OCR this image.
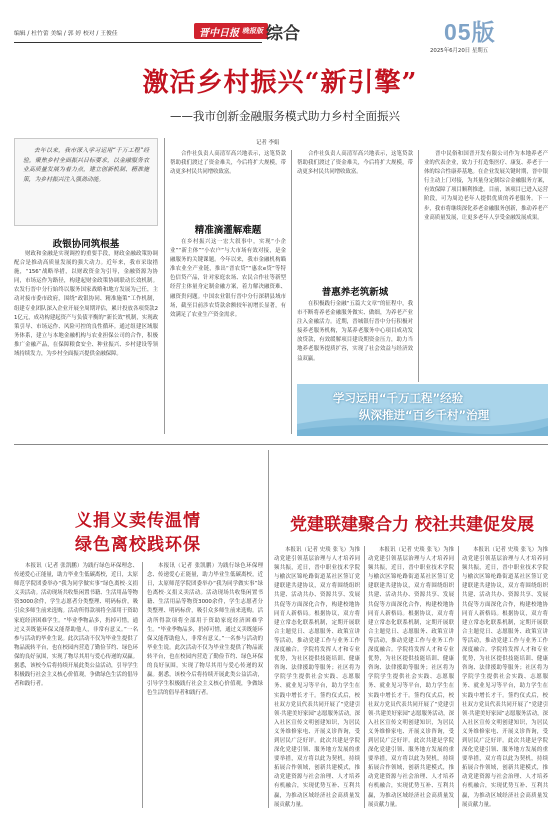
编辑 / 杜竹蕾 美编 / 郭 婷 校对 / 王俊佳	晋中日报 晚报版 综合	05版
2025年6月20日 星期五
激活乡村振兴“新引擎”
——我市创新金融服务模式助力乡村全面振兴
记者 李娟
去年以来，我市深入学习运用“千万工程”经验，聚焦乡村全面振兴目标要求，以金融服务农业高质量发展为着力点，建立创新机制、精准施策，为乡村振兴注入强劲动能。
政银协同筑根基
财政和金融是实现调控的重要手段，财政金融政策协调配合是推动高质量发展的强大动力。近年来，我市采取措施，“156”战略举措，以财政资金为引导，金融资源为协同，市场运作为路径，构建起财金政策协调联动长效机制。农发行晋中分行始终以服务国家战略和地方发展为己任，主动对接市委市政府，围绕“政银协同、精准施策”工作机制，组建专业团队深入企业开展全周期评估，累计投放各项贷款21亿元，成功构建起资产与负债平衡的“新长效”机制，实现政策引导、市场运作、风险可控的良性循环。通过组建区域服务体系，建立与本地金融机构与农业担保公司的合作，积极推广金融产品，在保障粮食安全、种业振兴、乡村建设等领域持续发力，为乡村全面振兴提供金融保障。
合作社负责人高清军高兴地表示，这笔贷款帮助我们渡过了资金难关，今后将扩大规模，带动更多村民共同增收致富。
精准滴灌解难题
在乡村振兴这一宏大叙事中，实现“小企业”“新主体”“小农户”与大市场有效对接，是金融服务的关键课题。今年以来，我市金融机构瞄准农业全产业链，推出“晋农贷”“惠农e贷”等特色信贷产品，针对家庭农场、农民合作社等新型经营主体量身定制金融方案，着力解决融资难、融资贵问题。中国农业银行晋中分行深耕县域市场，截至目前涉农贷款余额较年初增长显著，有效满足了农业生产资金需求。
合作社负责人高清军高兴地表示，这笔贷款帮助我们渡过了资金难关，今后将扩大规模，带动更多村民共同增收致富。
普惠养老筑新城
在积极践行金融“五篇大文章”的征程中，我市不断将养老金融服务做实、做细，为养老产业注入金融活力。近期，晋城银行晋中分行积极对接养老服务机构，为某养老服务中心项目成功发放贷款，有效缓解项目建设期资金压力，助力当地养老服务提质扩容，实现了社会效益与经济效益双赢。
晋中民俗和国晋开发有限公司作为本地养老产业的代表企业，致力于打造集医疗、康复、养老于一体的综合性康养基地。在企业发展关键时期，晋中银行主动上门对接，为其量身定制综合金融服务方案，有效保障了项目顺利推进。目前，该项目已进入运营阶段，可为周边老年人提供优质的养老服务。下一步，我市将继续深化养老金融服务创新，推动养老产业高质量发展，让更多老年人享受金融发展成果。
学习运用“千万工程”经验
纵深推进“百乡千村”治理
义捐义卖传温情
绿色离校践环保
本报讯（记者 张凯鹏）为践行绿色环保理念、传递爱心正能量，助力毕业生低碳离校，近日，太原师范学院团委举办“我为同学做实事”绿色离校·义捐义卖活动。活动现场共收集闲置书籍、生活用品等物资3000余件，学生志愿者分类整理、明码标价，吸引众多师生前来选购。活动所得款项将全部用于资助家庭经济困难学生。“毕业季物品多，扔掉可惜，通过义卖既能环保又能帮助他人，非常有意义。”一名参与活动的毕业生说。此次活动不仅为毕业生提供了物品流转平台，也在校园内营造了勤俭节约、绿色环保的良好氛围，实现了物尽其用与爱心传递的双赢。据悉，该校今后将持续开展此类公益活动，引导学生积极践行社会主义核心价值观，争做绿色生活的倡导者和践行者。
本报讯（记者 张凯鹏）为践行绿色环保理念、传递爱心正能量，助力毕业生低碳离校，近日，太原师范学院团委举办“我为同学做实事”绿色离校·义捐义卖活动。活动现场共收集闲置书籍、生活用品等物资3000余件，学生志愿者分类整理、明码标价，吸引众多师生前来选购。活动所得款项将全部用于资助家庭经济困难学生。“毕业季物品多，扔掉可惜，通过义卖既能环保又能帮助他人，非常有意义。”一名参与活动的毕业生说。此次活动不仅为毕业生提供了物品流转平台，也在校园内营造了勤俭节约、绿色环保的良好氛围，实现了物尽其用与爱心传递的双赢。据悉，该校今后将持续开展此类公益活动，引导学生积极践行社会主义核心价值观，争做绿色生活的倡导者和践行者。
党建联建聚合力 校社共建促发展
本报讯（记者 史琰 张飞）为推动党建引领基层治理与人才培养同频共振，近日，晋中职业技术学院与榆次区锦纶路街道某社区签订党建联建共建协议，双方将围绕组织共建、活动共办、资源共享、发展共促等方面深化合作，构建校地协同育人新格局。根据协议，双方将建立常态化联系机制，定期开展联合主题党日、志愿服务、政策宣讲等活动，推动党建工作与业务工作深度融合。学院将发挥人才和专业优势，为社区提供技能培训、健康咨询、法律援助等服务；社区将为学院学生提供社会实践、志愿服务、就业见习等平台，助力学生在实践中增长才干。签约仪式后，校社双方党员代表共同开展了“党建引领·共建美好家园”志愿服务活动，深入社区宣传文明创建知识，为居民义务维修家电、开展义诊咨询，受到居民广泛好评。此次共建是学院深化党建引领、服务地方发展的重要举措，双方将以此为契机，持续拓展合作领域，创新共建模式，推动党建资源与社会治理、人才培养有机融合，实现优势互补、互利共赢，为推动区域经济社会高质量发展贡献力量。
本报讯（记者 史琰 张飞）为推动党建引领基层治理与人才培养同频共振，近日，晋中职业技术学院与榆次区锦纶路街道某社区签订党建联建共建协议，双方将围绕组织共建、活动共办、资源共享、发展共促等方面深化合作，构建校地协同育人新格局。根据协议，双方将建立常态化联系机制，定期开展联合主题党日、志愿服务、政策宣讲等活动，推动党建工作与业务工作深度融合。学院将发挥人才和专业优势，为社区提供技能培训、健康咨询、法律援助等服务；社区将为学院学生提供社会实践、志愿服务、就业见习等平台，助力学生在实践中增长才干。签约仪式后，校社双方党员代表共同开展了“党建引领·共建美好家园”志愿服务活动，深入社区宣传文明创建知识，为居民义务维修家电、开展义诊咨询，受到居民广泛好评。此次共建是学院深化党建引领、服务地方发展的重要举措，双方将以此为契机，持续拓展合作领域，创新共建模式，推动党建资源与社会治理、人才培养有机融合，实现优势互补、互利共赢，为推动区域经济社会高质量发展贡献力量。
本报讯（记者 史琰 张飞）为推动党建引领基层治理与人才培养同频共振，近日，晋中职业技术学院与榆次区锦纶路街道某社区签订党建联建共建协议，双方将围绕组织共建、活动共办、资源共享、发展共促等方面深化合作，构建校地协同育人新格局。根据协议，双方将建立常态化联系机制，定期开展联合主题党日、志愿服务、政策宣讲等活动，推动党建工作与业务工作深度融合。学院将发挥人才和专业优势，为社区提供技能培训、健康咨询、法律援助等服务；社区将为学院学生提供社会实践、志愿服务、就业见习等平台，助力学生在实践中增长才干。签约仪式后，校社双方党员代表共同开展了“党建引领·共建美好家园”志愿服务活动，深入社区宣传文明创建知识，为居民义务维修家电、开展义诊咨询，受到居民广泛好评。此次共建是学院深化党建引领、服务地方发展的重要举措，双方将以此为契机，持续拓展合作领域，创新共建模式，推动党建资源与社会治理、人才培养有机融合，实现优势互补、互利共赢，为推动区域经济社会高质量发展贡献力量。
